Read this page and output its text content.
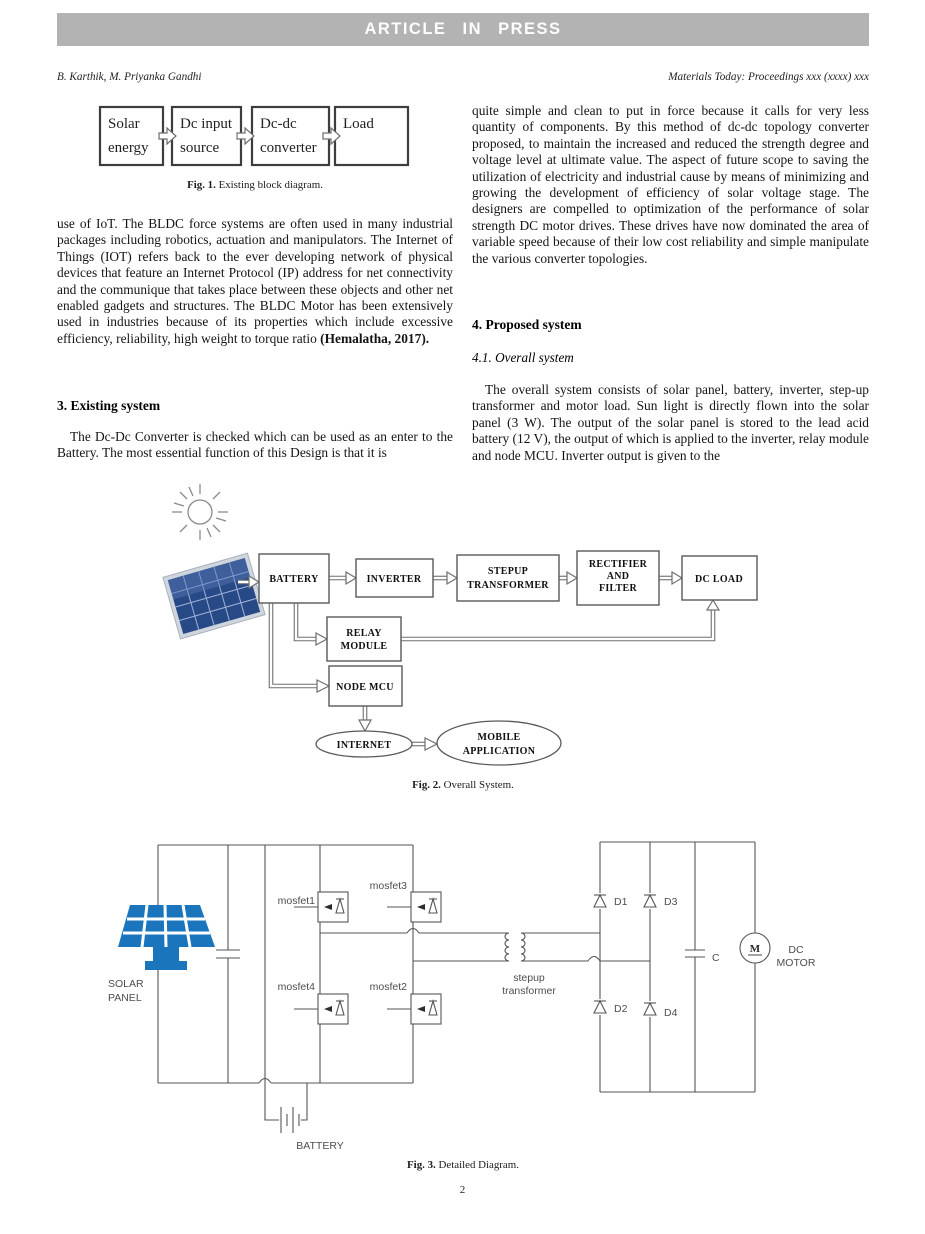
ARTICLE IN PRESS
B. Karthik, M. Priyanka Gandhi	Materials Today: Proceedings xxx (xxxx) xxx
Solar
energy
Dc input
source
Dc-dc
converter
Load
Fig. 1. Existing block diagram.
use of IoT. The BLDC force systems are often used in many industrial packages including robotics, actuation and manipulators. The Internet of Things (IOT) refers back to the ever developing network of physical devices that feature an Internet Protocol (IP) address for net connectivity and the communique that takes place between these objects and other net enabled gadgets and structures. The BLDC Motor has been extensively used in industries because of its properties which include excessive efficiency, reliability, high weight to torque ratio (Hemalatha, 2017).
3. Existing system
The Dc-Dc Converter is checked which can be used as an enter to the Battery. The most essential function of this Design is that it is
quite simple and clean to put in force because it calls for very less quantity of components. By this method of dc-dc topology converter proposed, to maintain the increased and reduced the strength degree and voltage level at ultimate value. The aspect of future scope to saving the utilization of electricity and industrial cause by means of minimizing and growing the development of efficiency of solar voltage stage. The designers are compelled to optimization of the performance of solar strength DC motor drives. These drives have now dominated the area of variable speed because of their low cost reliability and simple manipulate the various converter topologies.
4. Proposed system
4.1. Overall system
The overall system consists of solar panel, battery, inverter, step-up transformer and motor load. Sun light is directly flown into the solar panel (3 W). The output of the solar panel is stored to the lead acid battery (12 V), the output of which is applied to the inverter, relay module and node MCU. Inverter output is given to the
BATTERY	INVERTER
STEPUP
TRANSFORMER
RECTIFIER
AND
FILTER
DC LOAD
RELAY
MODULE
NODE MCU
INTERNET
MOBILE
APPLICATION
Fig. 2. Overall System.
M
SOLAR
PANEL
mosfet1
mosfet3
mosfet4	mosfet2
stepup
transformer
D1	D3
D2	D4
C
DC
MOTOR
BATTERY
Fig. 3. Detailed Diagram.
2
